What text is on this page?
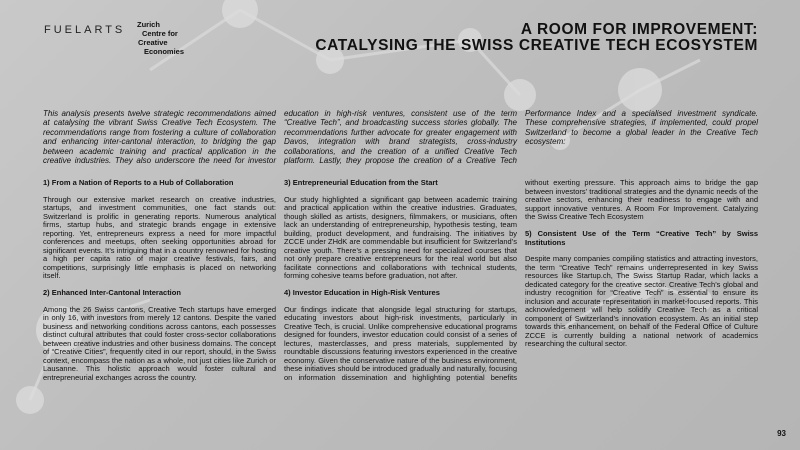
FUELARTS Zurich
Centre for
Creative
Economies
A ROOM FOR IMPROVEMENT:
CATALYSING THE SWISS CREATIVE TECH ECOSYSTEM
This analysis presents twelve strategic recommendations aimed at catalysing the vibrant Swiss Creative Tech Ecosystem. The recommendations range from fostering a culture of collaboration and enhancing inter-cantonal interaction, to bridging the gap between academic training and practical application in the creative industries. They also underscore the need for investor education in high-risk ventures, consistent use of the term “Creative Tech”, and broadcasting success stories globally. The recommendations further advocate for greater engagement with Davos, integration with brand strategists, cross-industry collaborations, and the creation of a unified Creative Tech platform. Lastly, they propose the creation of a Creative Tech Performance Index and a specialised investment syndicate. These comprehensive strategies, if implemented, could propel Switzerland to become a global leader in the Creative Tech ecosystem:
1) From a Nation of Reports to a Hub of Collaboration

Through our extensive market research on creative industries, startups, and investment communities, one fact stands out: Switzerland is prolific in generating reports. Numerous analytical firms, startup hubs, and strategic brands engage in extensive reporting. Yet, entrepreneurs express a need for more impactful conferences and meetups, often seeking opportunities abroad for significant events. It’s intriguing that in a country renowned for hosting a high per capita ratio of major creative festivals, fairs, and competitions, surprisingly little emphasis is placed on networking itself.

2) Enhanced Inter-Cantonal Interaction

Among the 26 Swiss cantons, Creative Tech startups have emerged in only 16, with investors from merely 12 cantons. Despite the varied business and networking conditions across cantons, each possesses distinct cultural attributes that could foster cross-sector collaborations between creative industries and other business domains. The concept of “Creative Cities”, frequently cited in our report, should, in the Swiss context, encompass the nation as a whole, not just cities like Zurich or Lausanne. This holistic approach would foster cultural and entrepreneurial exchanges across the country.

3) Entrepreneurial Education from the Start

Our study highlighted a significant gap between academic training and practical application within the creative industries. Graduates, though skilled as artists, designers, filmmakers, or musicians, often lack an understanding of entrepreneurship, hypothesis testing, team building, product development, and fundraising. The initiatives by ZCCE under ZHdK are commendable but insufficient for Switzerland’s creative youth. There’s a pressing need for specialized courses that not only prepare creative entrepreneurs for the real world but also facilitate connections and collaborations with technical students, forming cohesive teams before graduation, not after.

4) Investor Education in High-Risk Ventures

Our findings indicate that alongside legal structuring for startups, educating investors about high-risk investments, particularly in Creative Tech, is crucial. Unlike comprehensive educational programs designed for founders, investor education could consist of a series of lectures, masterclasses, and press materials, supplemented by roundtable discussions featuring investors experienced in the creative economy. Given the conservative nature of the business environment, these initiatives should be introduced gradually and naturally, focusing on information dissemination and highlighting potential benefits without exerting pressure. This approach aims to bridge the gap between investors’ traditional strategies and the dynamic needs of the creative sectors, enhancing their readiness to engage with and support innovative ventures. A Room For Improvement. Catalyzing the Swiss Creative Tech Ecosystem

5) Consistent Use of the Term “Creative Tech” by Swiss Institutions

Despite many companies compiling statistics and attracting investors, the term “Creative Tech” remains underrepresented in key Swiss resources like Startup.ch, The Swiss Startup Radar, which lacks a dedicated category for the creative sector. Creative Tech’s global and industry recognition for “Creative Tech” is essential to ensure its inclusion and accurate representation in market-focused reports. This acknowledgement will help solidify Creative Tech as a critical component of Switzerland’s innovation ecosystem. As an initial step towards this enhancement, on behalf of the Federal Office of Culture ZCCE is currently building a national network of academics researching the cultural sector.

93
